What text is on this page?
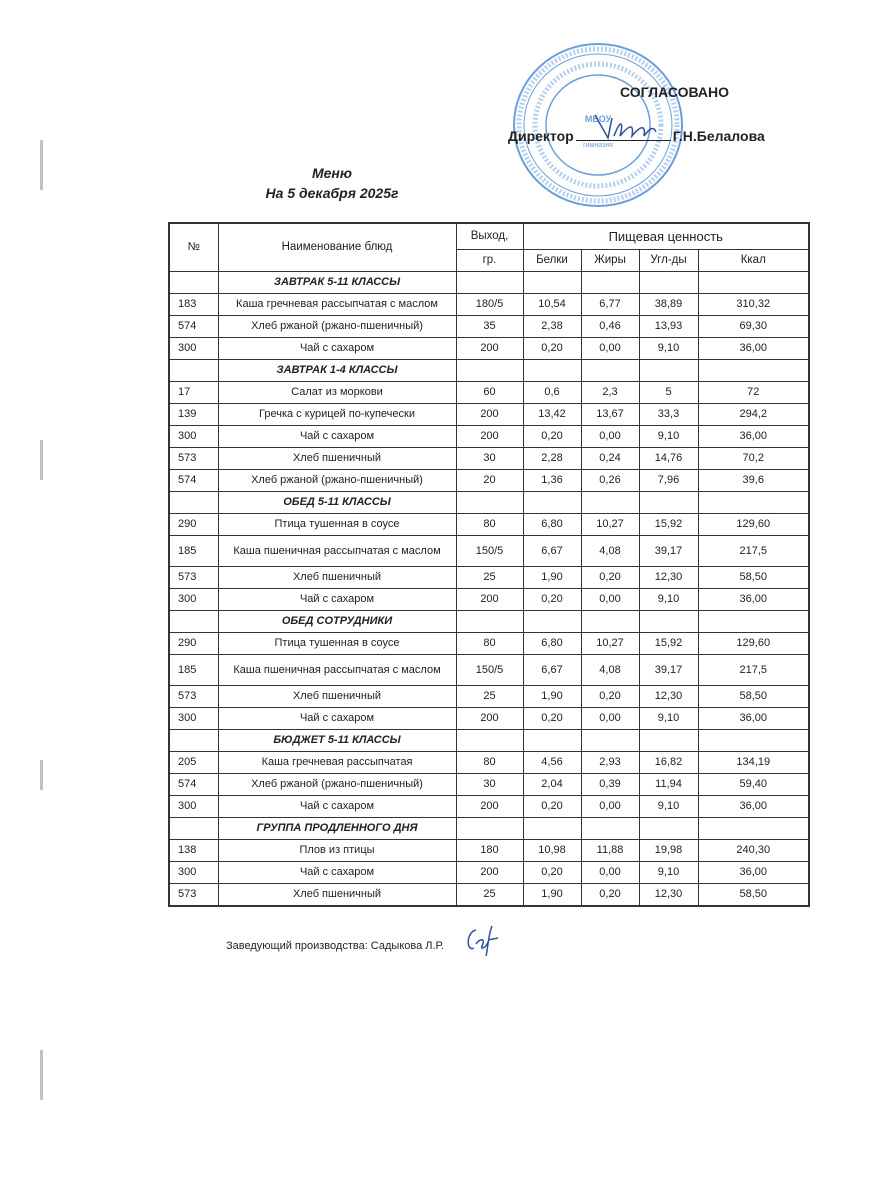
МБОУ
гимназия
СОГЛАСОВАНО
Директор	Г.Н.Белалова
Меню
На 5 декабря 2025г
№	Наименование блюд	Выход,	Пищевая ценность			
		гр.	Белки	Жиры	Угл-ды	Ккал
	ЗАВТРАК 5-11 КЛАССЫ					
183	Каша гречневая рассыпчатая с маслом	180/5	10,54	6,77	38,89	310,32
574	Хлеб ржаной (ржано-пшеничный)	35	2,38	0,46	13,93	69,30
300	Чай с сахаром	200	0,20	0,00	9,10	36,00
	ЗАВТРАК 1-4 КЛАССЫ					
17	Салат из моркови	60	0,6	2,3	5	72
139	Гречка с курицей по-купечески	200	13,42	13,67	33,3	294,2
300	Чай с сахаром	200	0,20	0,00	9,10	36,00
573	Хлеб пшеничный	30	2,28	0,24	14,76	70,2
574	Хлеб ржаной (ржано-пшеничный)	20	1,36	0,26	7,96	39,6
	ОБЕД 5-11 КЛАССЫ					
290	Птица тушенная в соусе	80	6,80	10,27	15,92	129,60
185	Каша пшеничная рассыпчатая с маслом	150/5	6,67	4,08	39,17	217,5
573	Хлеб пшеничный	25	1,90	0,20	12,30	58,50
300	Чай с сахаром	200	0,20	0,00	9,10	36,00
	ОБЕД СОТРУДНИКИ					
290	Птица тушенная в соусе	80	6,80	10,27	15,92	129,60
185	Каша пшеничная рассыпчатая с маслом	150/5	6,67	4,08	39,17	217,5
573	Хлеб пшеничный	25	1,90	0,20	12,30	58,50
300	Чай с сахаром	200	0,20	0,00	9,10	36,00
	БЮДЖЕТ 5-11 КЛАССЫ					
205	Каша гречневая рассыпчатая	80	4,56	2,93	16,82	134,19
574	Хлеб ржаной (ржано-пшеничный)	30	2,04	0,39	11,94	59,40
300	Чай с сахаром	200	0,20	0,00	9,10	36,00
	ГРУППА ПРОДЛЕННОГО ДНЯ					
138	Плов из птицы	180	10,98	11,88	19,98	240,30
300	Чай с сахаром	200	0,20	0,00	9,10	36,00
573	Хлеб пшеничный	25	1,90	0,20	12,30	58,50
Заведующий производства: Садыкова Л.Р.
